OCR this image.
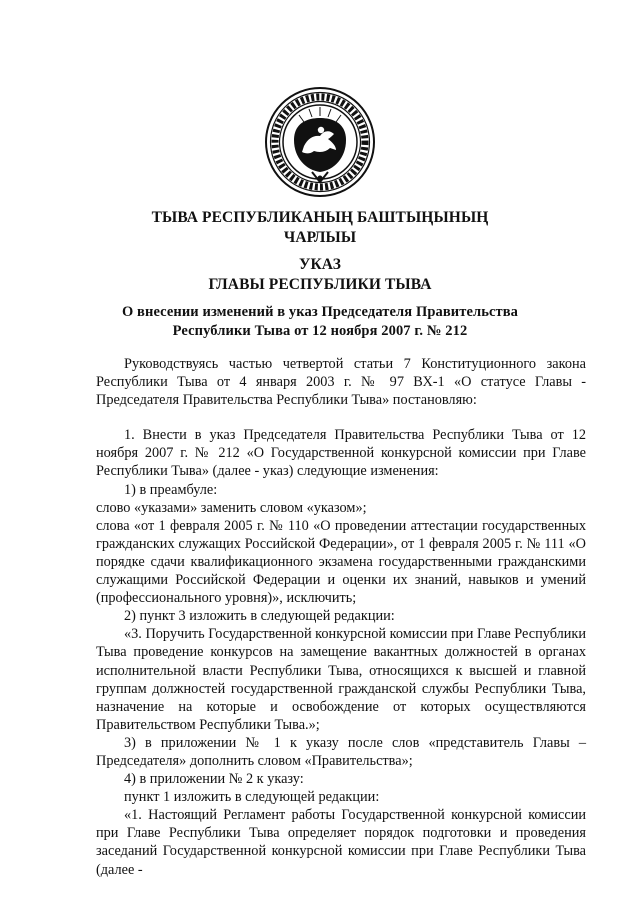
ТЫВА РЕСПУБЛИКАНЫҢ БАШТЫҢЫНЫҢ
ЧАРЛЫЫ
УКАЗ
ГЛАВЫ РЕСПУБЛИКИ ТЫВА
О внесении изменений в указ Председателя Правительства
Республики Тыва от 12 ноября 2007 г. № 212

Руководствуясь частью четвертой статьи 7 Конституционного закона Республики Тыва от 4 января 2003 г. № 97 ВХ-1 «О статусе Главы - Председателя Правительства Республики Тыва» постановляю:

1. Внести в указ Председателя Правительства Республики Тыва от 12 ноября 2007 г. № 212 «О Государственной конкурсной комиссии при Главе Республики Тыва» (далее - указ) следующие изменения:

1) в преамбуле:

слово «указами» заменить словом «указом»;

слова «от 1 февраля 2005 г. № 110 «О проведении аттестации государственных гражданских служащих Российской Федерации», от 1 февраля 2005 г. № 111 «О порядке сдачи квалификационного экзамена государственными гражданскими служащими Российской Федерации и оценки их знаний, навыков и умений (профессионального уровня)», исключить;

2) пункт 3 изложить в следующей редакции:

«3. Поручить Государственной конкурсной комиссии при Главе Республики Тыва проведение конкурсов на замещение вакантных должностей в органах исполнительной власти Республики Тыва, относящихся к высшей и главной группам должностей государственной гражданской службы Республики Тыва, назначение на которые и освобождение от которых осуществляются Правительством Республики Тыва.»;

3) в приложении № 1 к указу после слов «представитель Главы – Председателя» дополнить словом «Правительства»;

4) в приложении № 2 к указу:

пункт 1 изложить в следующей редакции:

«1. Настоящий Регламент работы Государственной конкурсной комиссии при Главе Республики Тыва определяет порядок подготовки и проведения заседаний Государственной конкурсной комиссии при Главе Республики Тыва (далее -
